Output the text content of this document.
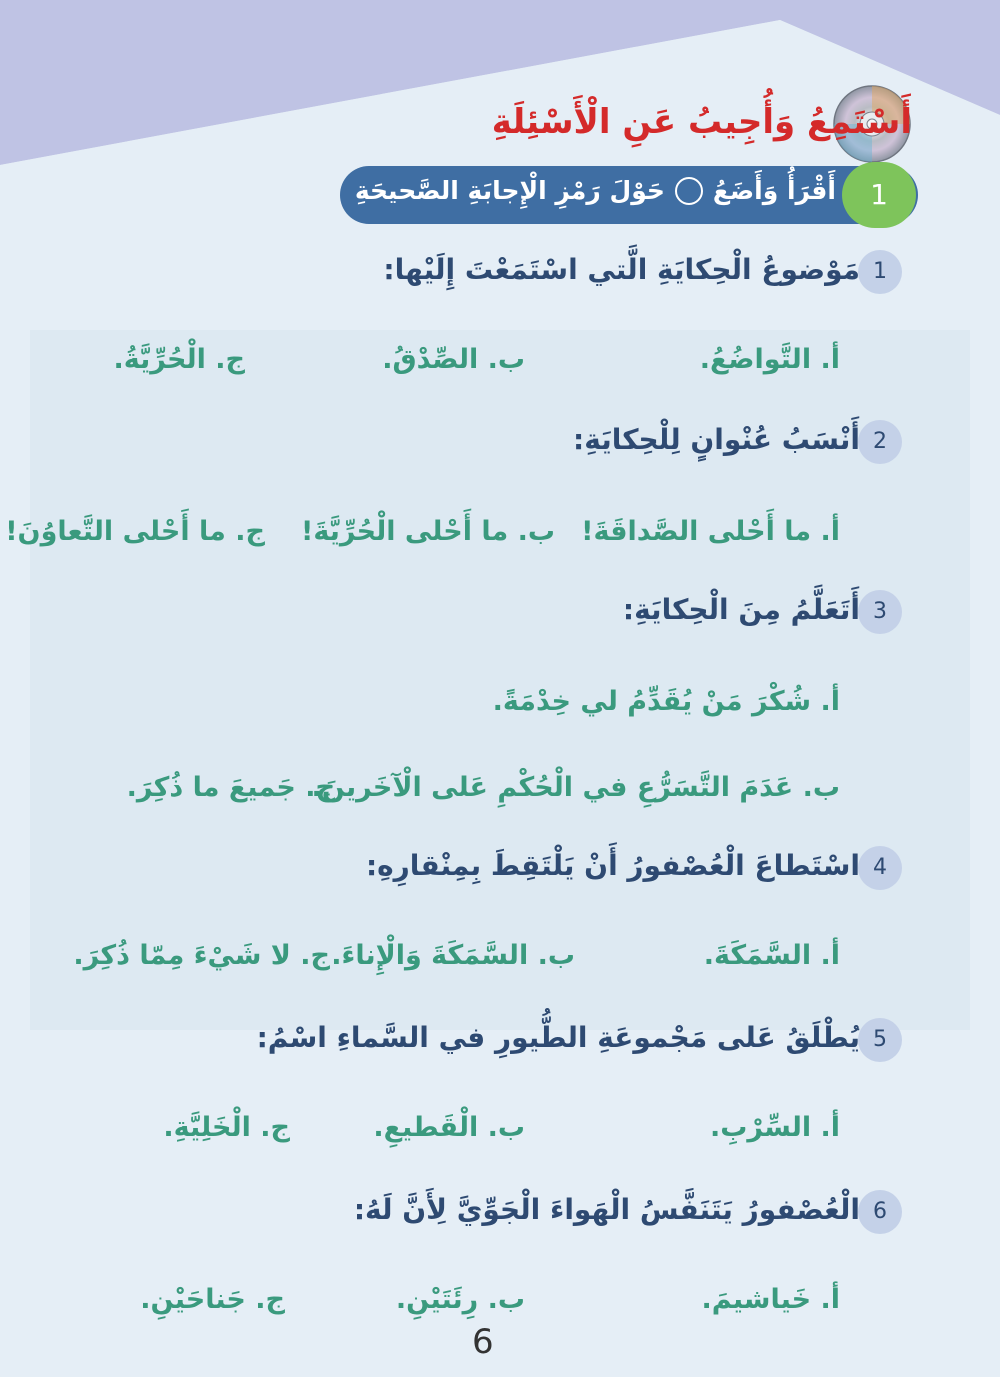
أَسْتَمِعُ وَأُجِيبُ عَنِ الْأَسْئِلَةِ
1
أَقْرَأُ وَأَضَعُ
حَوْلَ رَمْزِ الْإِجابَةِ الصَّحيحَةِ
1
مَوْضوعُ الْحِكايَةِ الَّتي اسْتَمَعْتَ إِلَيْها:
أ. التَّواضُعُ.
ب. الصِّدْقُ.
ج. الْحُرِّيَّةُ.
2
أَنْسَبُ عُنْوانٍ لِلْحِكايَةِ:
أ. ما أَحْلى الصَّداقَةَ!
ب. ما أَحْلى الْحُرِّيَّةَ!
ج. ما أَحْلى التَّعاوُنَ!
3
أَتَعَلَّمُ مِنَ الْحِكايَةِ:
أ. شُكْرَ مَنْ يُقَدِّمُ لي خِدْمَةً.
ب. عَدَمَ التَّسَرُّعِ في الْحُكْمِ عَلى الْآخَرينَ.
ج. جَميعَ ما ذُكِرَ.
4
اسْتَطاعَ الْعُصْفورُ أَنْ يَلْتَقِطَ بِمِنْقارِهِ:
أ. السَّمَكَةَ.
ب. السَّمَكَةَ وَالْإِناءَ.
ج. لا شَيْءَ مِمّا ذُكِرَ.
5
يُطْلَقُ عَلى مَجْموعَةِ الطُّيورِ في السَّماءِ اسْمُ:
أ. السِّرْبِ.
ب. الْقَطيعِ.
ج. الْخَلِيَّةِ.
6
الْعُصْفورُ يَتَنَفَّسُ الْهَواءَ الْجَوِّيَّ لِأَنَّ لَهُ:
أ. خَياشيمَ.
ب. رِئَتَيْنِ.
ج. جَناحَيْنِ.
6
